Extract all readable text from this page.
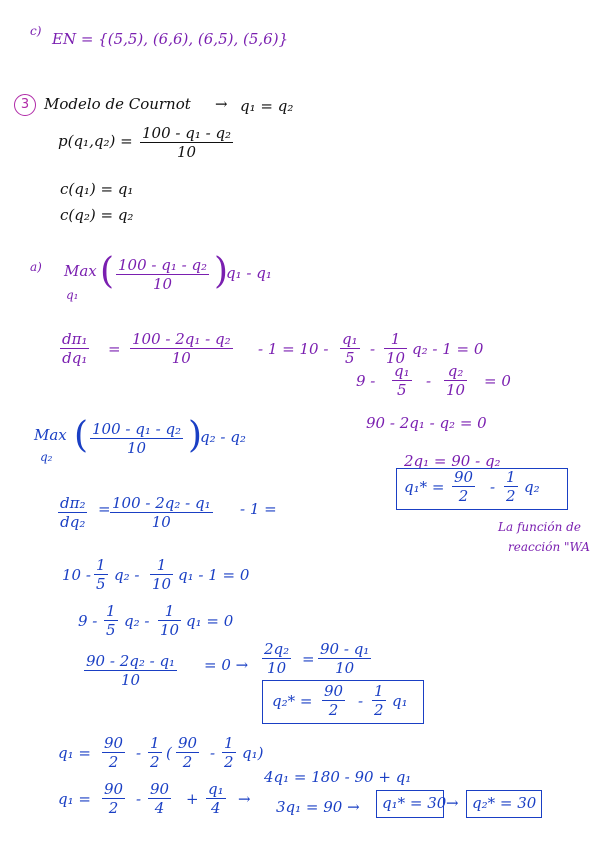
c) EN = {(5,5), (6,6), (6,5), (5,6)}
3 Modelo de Cournot → q₁ = q₂
$p(q_1,q_2) = \frac{\text{100 - q₁ - q₂}}{10}$
c(q₁) = q₁
c(q₂) = q₂
a) Max
q₁
( $\frac{\text{100 - q₁ - q₂}}{10}$ )
q₁ - q₁
$\frac{\text{dπ₁}}{\text{dq₁}} = \frac{\text{100 - 2q₁ - q₂}}{10} - 1 = 10 - \frac{\text{q₁}}{5} - \frac{1}{10} q_2 - 1 = 0$
$9 - \frac{\text{q₁}}{5} - \frac{\text{q₂}}{10} = 0$
90 - 2q₁ - q₂ = 0
2q₁ = 90 - q₂
$q_1* = \frac{90}{2} - \frac{1}{2} q_2$
La función de
reacción "WA
Max
q₂
( $\frac{\text{100 - q₁ - q₂}}{10}$ )
q₂ - q₂
$\frac{\text{dπ₂}}{\text{dq₂}} = \frac{\text{100 - 2q₂ - q₁}}{10} - 1$ =
$10 - \frac{1}{5} q_2 - \frac{1}{10} q_1 - 1 = 0$
$9 - \frac{1}{5} q_2 - \frac{1}{10} q_1 = 0$
$\frac{\text{90 - 2q₂ - q₁}}{10} = 0 \to \frac{\text{2q₂}}{10} = \frac{\text{90 - q₁}}{10}$
$q_2* = \frac{90}{2} - \frac{1}{2} q_1$
$q_1 = \frac{90}{2} - \frac{1}{2}$ ( $\frac{90}{2} - \frac{1}{2} q_1$)
$q_1 = \frac{90}{2} - \frac{90}{4} + \frac{\text{q₁}}{4}$ →
4q₁ = 180 - 90 + q₁
3q₁ = 90 → q₁* = 30 → q₂* = 30
